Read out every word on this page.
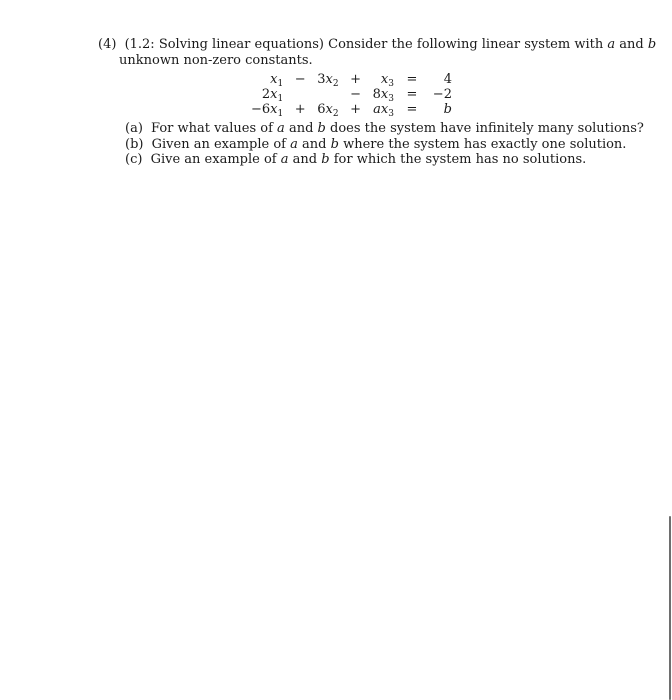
(4) (1.2: Solving linear equations) Consider the following linear system with a and b
unknown non-zero constants.
$x_1$	−	$3x_2$	+	$x_3$	=	4
$2x_1$			−	$8x_3$	=	−2
$-6x_1$	+	$6x_2$	+	$ax_3$	=	b
(a) For what values of a and b does the system have infinitely many solutions?
(b) Given an example of a and b where the system has exactly one solution.
(c) Give an example of a and b for which the system has no solutions.
